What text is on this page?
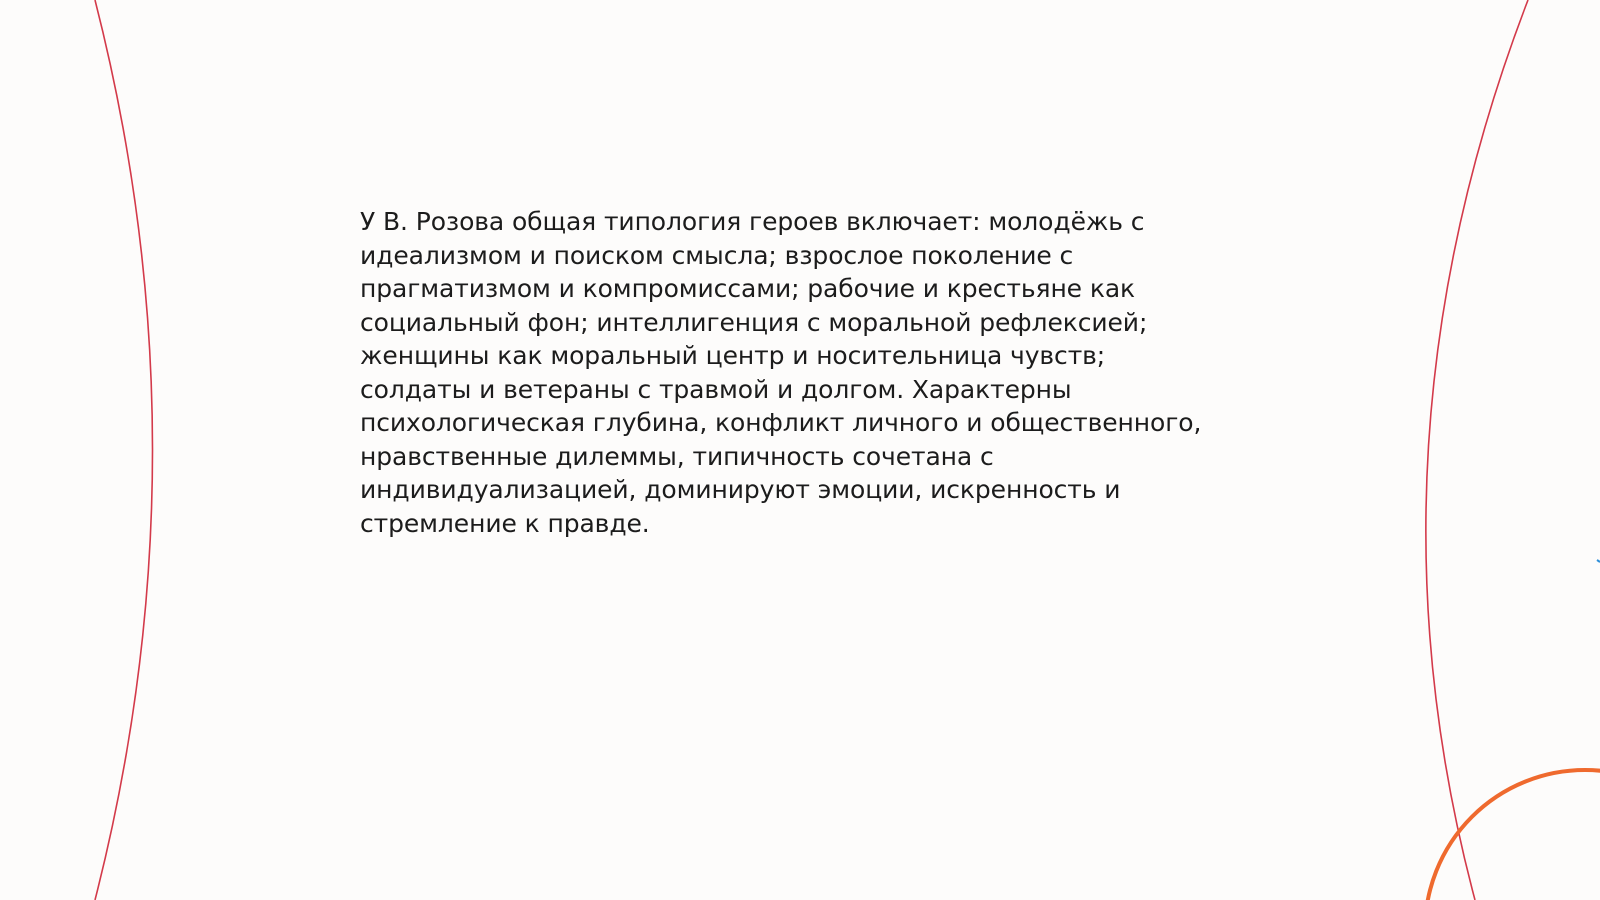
У В. Розова общая типология героев включает: молодёжь с
идеализмом и поиском смысла; взрослое поколение с
прагматизмом и компромиссами; рабочие и крестьяне как
социальный фон; интеллигенция с моральной рефлексией;
женщины как моральный центр и носительница чувств;
солдаты и ветераны с травмой и долгом. Характерны
психологическая глубина, конфликт личного и общественного,
нравственные дилеммы, типичность сочетана с
индивидуализацией, доминируют эмоции, искренность и
стремление к правде.
